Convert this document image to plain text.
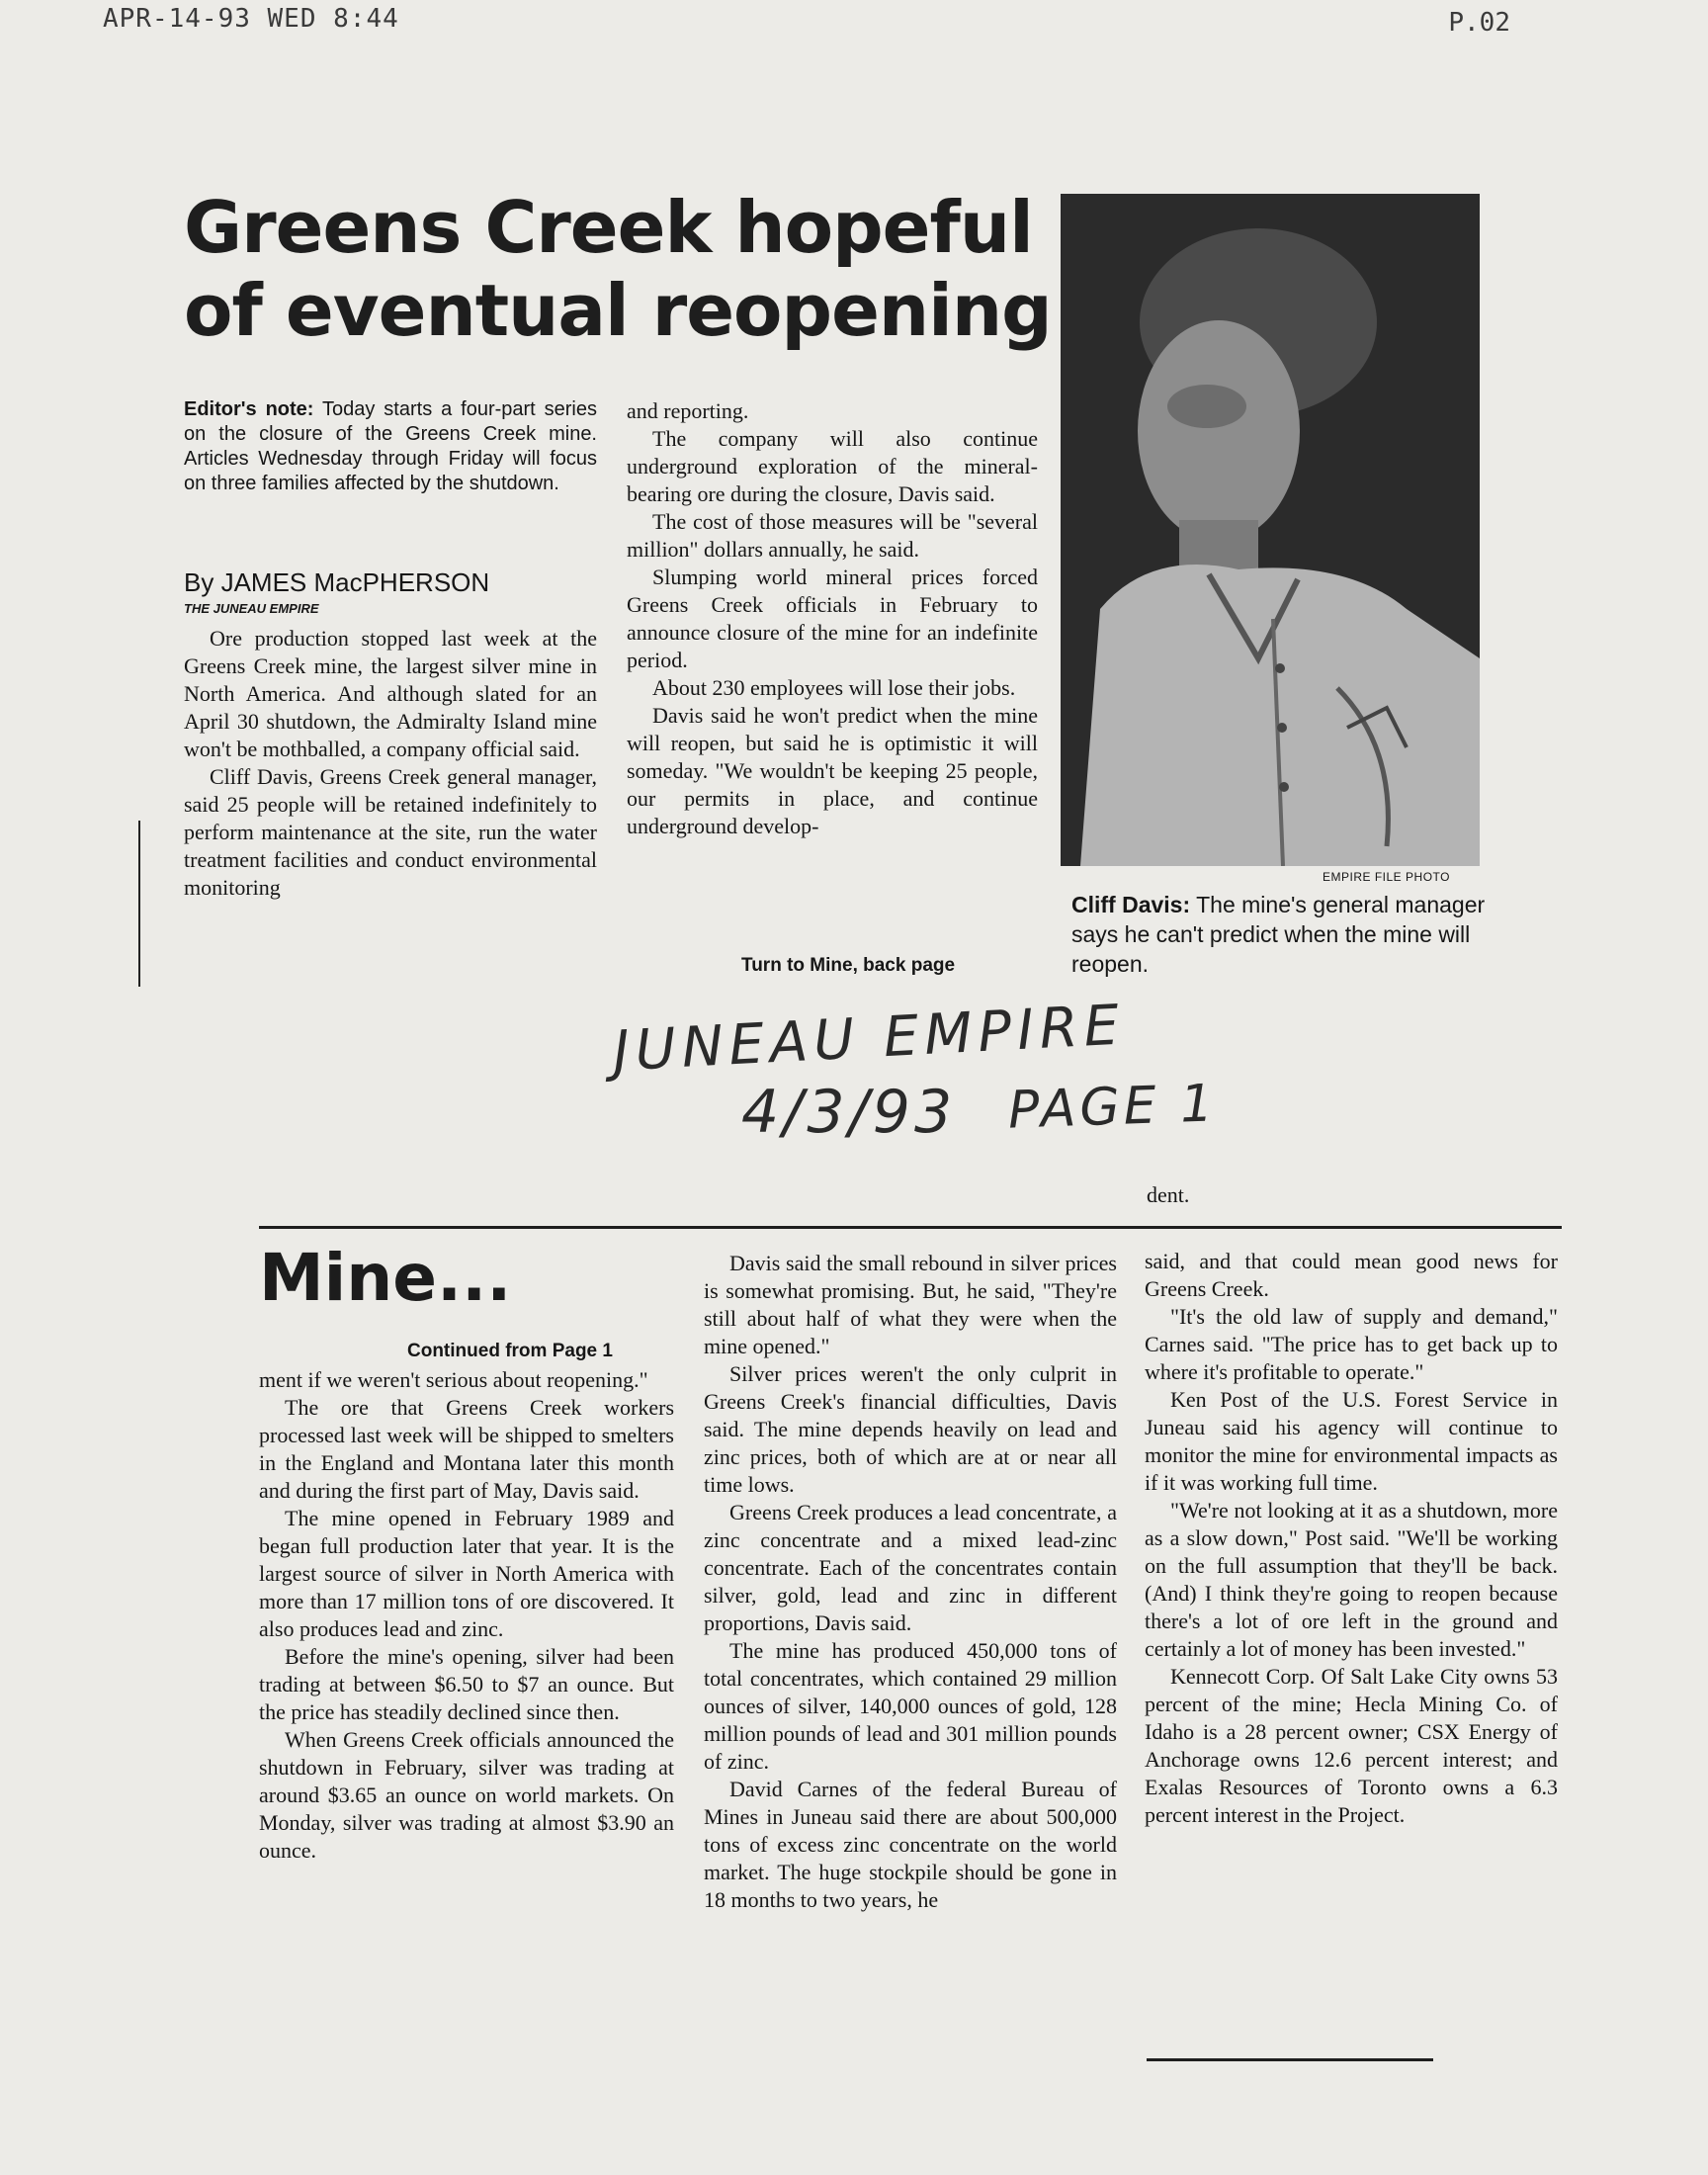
APR-14-93 WED 8:44	P.02
Greens Creek hopeful of eventual reopening
Editor's note: Today starts a four-part series on the closure of the Greens Creek mine. Articles Wednesday through Friday will focus on three families affected by the shutdown.
By JAMES MacPHERSON
THE JUNEAU EMPIRE

Ore production stopped last week at the Greens Creek mine, the largest silver mine in North America. And although slated for an April 30 shutdown, the Admiralty Island mine won't be mothballed, a company official said.

Cliff Davis, Greens Creek general manager, said 25 people will be retained indefinitely to perform maintenance at the site, run the water treatment facilities and conduct environmental monitoring

and reporting.

The company will also continue underground exploration of the mineral-bearing ore during the closure, Davis said.

The cost of those measures will be "several million" dollars annually, he said.

Slumping world mineral prices forced Greens Creek officials in February to announce closure of the mine for an indefinite period.

About 230 employees will lose their jobs.

Davis said he won't predict when the mine will reopen, but said he is optimistic it will someday. "We wouldn't be keeping 25 people, our permits in place, and continue underground develop-

Turn to Mine, back page
EMPIRE FILE PHOTO
Cliff Davis: The mine's general manager says he can't predict when the mine will reopen.
JUNEAU EMPIRE
4/3/93 PAGE 1
dent.
Mine...
Continued from Page 1

ment if we weren't serious about reopening."

The ore that Greens Creek workers processed last week will be shipped to smelters in the England and Montana later this month and during the first part of May, Davis said.

The mine opened in February 1989 and began full production later that year. It is the largest source of silver in North America with more than 17 million tons of ore discovered. It also produces lead and zinc.

Before the mine's opening, silver had been trading at between $6.50 to $7 an ounce. But the price has steadily declined since then.

When Greens Creek officials announced the shutdown in February, silver was trading at around $3.65 an ounce on world markets. On Monday, silver was trading at almost $3.90 an ounce.

Davis said the small rebound in silver prices is somewhat promising. But, he said, "They're still about half of what they were when the mine opened."

Silver prices weren't the only culprit in Greens Creek's financial difficulties, Davis said. The mine depends heavily on lead and zinc prices, both of which are at or near all time lows.

Greens Creek produces a lead concentrate, a zinc concentrate and a mixed lead-zinc concentrate. Each of the concentrates contain silver, gold, lead and zinc in different proportions, Davis said.

The mine has produced 450,000 tons of total concentrates, which contained 29 million ounces of silver, 140,000 ounces of gold, 128 million pounds of lead and 301 million pounds of zinc.

David Carnes of the federal Bureau of Mines in Juneau said there are about 500,000 tons of excess zinc concentrate on the world market. The huge stockpile should be gone in 18 months to two years, he

said, and that could mean good news for Greens Creek.

"It's the old law of supply and demand," Carnes said. "The price has to get back up to where it's profitable to operate."

Ken Post of the U.S. Forest Service in Juneau said his agency will continue to monitor the mine for environmental impacts as if it was working full time.

"We're not looking at it as a shutdown, more as a slow down," Post said. "We'll be working on the full assumption that they'll be back. (And) I think they're going to reopen because there's a lot of ore left in the ground and certainly a lot of money has been invested."

Kennecott Corp. Of Salt Lake City owns 53 percent of the mine; Hecla Mining Co. of Idaho is a 28 percent owner; CSX Energy of Anchorage owns 12.6 percent interest; and Exalas Resources of Toronto owns a 6.3 percent interest in the Project.
